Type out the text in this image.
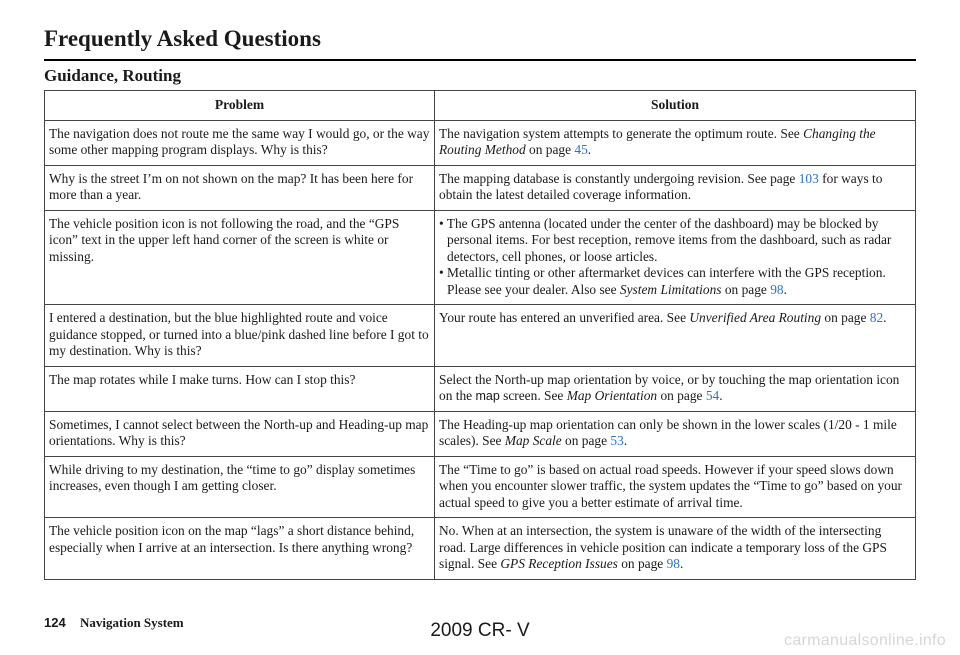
Frequently Asked Questions
Guidance, Routing
Problem	Solution
The navigation does not route me the same way I would go, or the way some other mapping program displays. Why is this?	The navigation system attempts to generate the optimum route. See Changing the Routing Method on page 45.
Why is the street I’m on not shown on the map? It has been here for more than a year.	The mapping database is constantly undergoing revision. See page 103 for ways to obtain the latest detailed coverage information.
The vehicle position icon is not following the road, and the “GPS icon” text in the upper left hand corner of the screen is white or missing.	• The GPS antenna (located under the center of the dashboard) may be blocked by personal items. For best reception, remove items from the dashboard, such as radar detectors, cell phones, or loose articles.
• Metallic tinting or other aftermarket devices can interfere with the GPS reception. Please see your dealer. Also see System Limitations on page 98.

I entered a destination, but the blue highlighted route and voice guidance stopped, or turned into a blue/pink dashed line before I got to my destination. Why is this?	Your route has entered an unverified area. See Unverified Area Routing on page 82.
The map rotates while I make turns. How can I stop this?	Select the North-up map orientation by voice, or by touching the map orientation icon on the map screen. See Map Orientation on page 54.
Sometimes, I cannot select between the North-up and Heading-up map orientations. Why is this?	The Heading-up map orientation can only be shown in the lower scales (1/20 - 1 mile scales). See Map Scale on page 53.
While driving to my destination, the “time to go” display sometimes increases, even though I am getting closer.	The “Time to go” is based on actual road speeds. However if your speed slows down when you encounter slower traffic, the system updates the “Time to go” based on your actual speed to give you a better estimate of arrival time.
The vehicle position icon on the map “lags” a short distance behind, especially when I arrive at an intersection. Is there anything wrong?	No. When at an intersection, the system is unaware of the width of the intersecting road. Large differences in vehicle position can indicate a temporary loss of the GPS signal. See GPS Reception Issues on page 98.
124 Navigation System	2009 CR- V	carmanualsonline.info
